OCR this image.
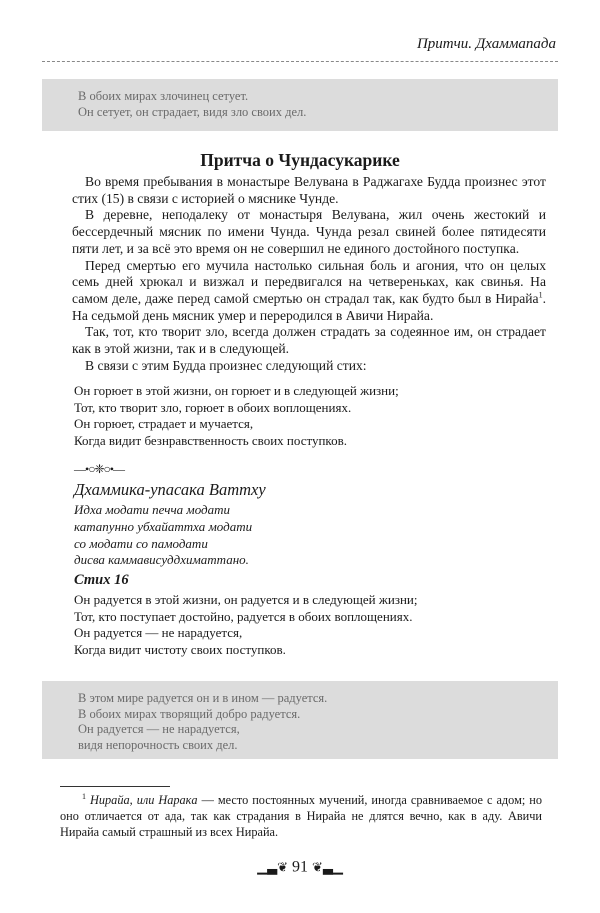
Притчи. Дхаммапада
В обоих мирах злочинец сетует.
Он сетует, он страдает, видя зло своих дел.
Притча о Чундасукарике

Во время пребывания в монастыре Велувана в Раджагахе Будда произнес этот стих (15) в связи с историей о мяснике Чунде.

В деревне, неподалеку от монастыря Велувана, жил очень жестокий и бессердечный мясник по имени Чунда. Чунда резал свиней более пятидесяти пяти лет, и за всё это время он не совершил не единого достойного поступка.

Перед смертью его мучила настолько сильная боль и агония, что он целых семь дней хрюкал и визжал и передвигался на четвереньках, как свинья. На самом деле, даже перед самой смертью он страдал так, как будто был в Нирайа$^1$. На седьмой день мясник умер и переродился в Авичи Нирайа.

Так, тот, кто творит зло, всегда должен страдать за содеянное им, он страдает как в этой жизни, так и в следующей.

В связи с этим Будда произнес следующий стих:

Он горюет в этой жизни, он горюет и в следующей жизни;
Тот, кто творит зло, горюет в обоих воплощениях.
Он горюет, страдает и мучается,
Когда видит безнравственность своих поступков.
—•○❈○•—
Дхаммика-упасака Ваттху
Идха модати печча модати
катапунно убхайаттха модати
со модати со памодати
дисва каммависуддхиматтано.
Стих 16
Он радуется в этой жизни, он радуется и в следующей жизни;
Тот, кто поступает достойно, радуется в обоих воплощениях.
Он радуется — не нарадуется,
Когда видит чистоту своих поступков.
В этом мире радуется он и в ином — радуется.
В обоих мирах творящий добро радуется.
Он радуется — не нарадуется,
видя непорочность своих дел.

$^1$ Нирайа, или Наракa — место постоянных мучений, иногда сравниваемое с адом; но оно отличается от ада, так как страдания в Нирайа не длятся вечно, как в аду. Авичи Нирайа самый страшный из всех Нирайа.

▁▃❦ 91 ❦▃▁
